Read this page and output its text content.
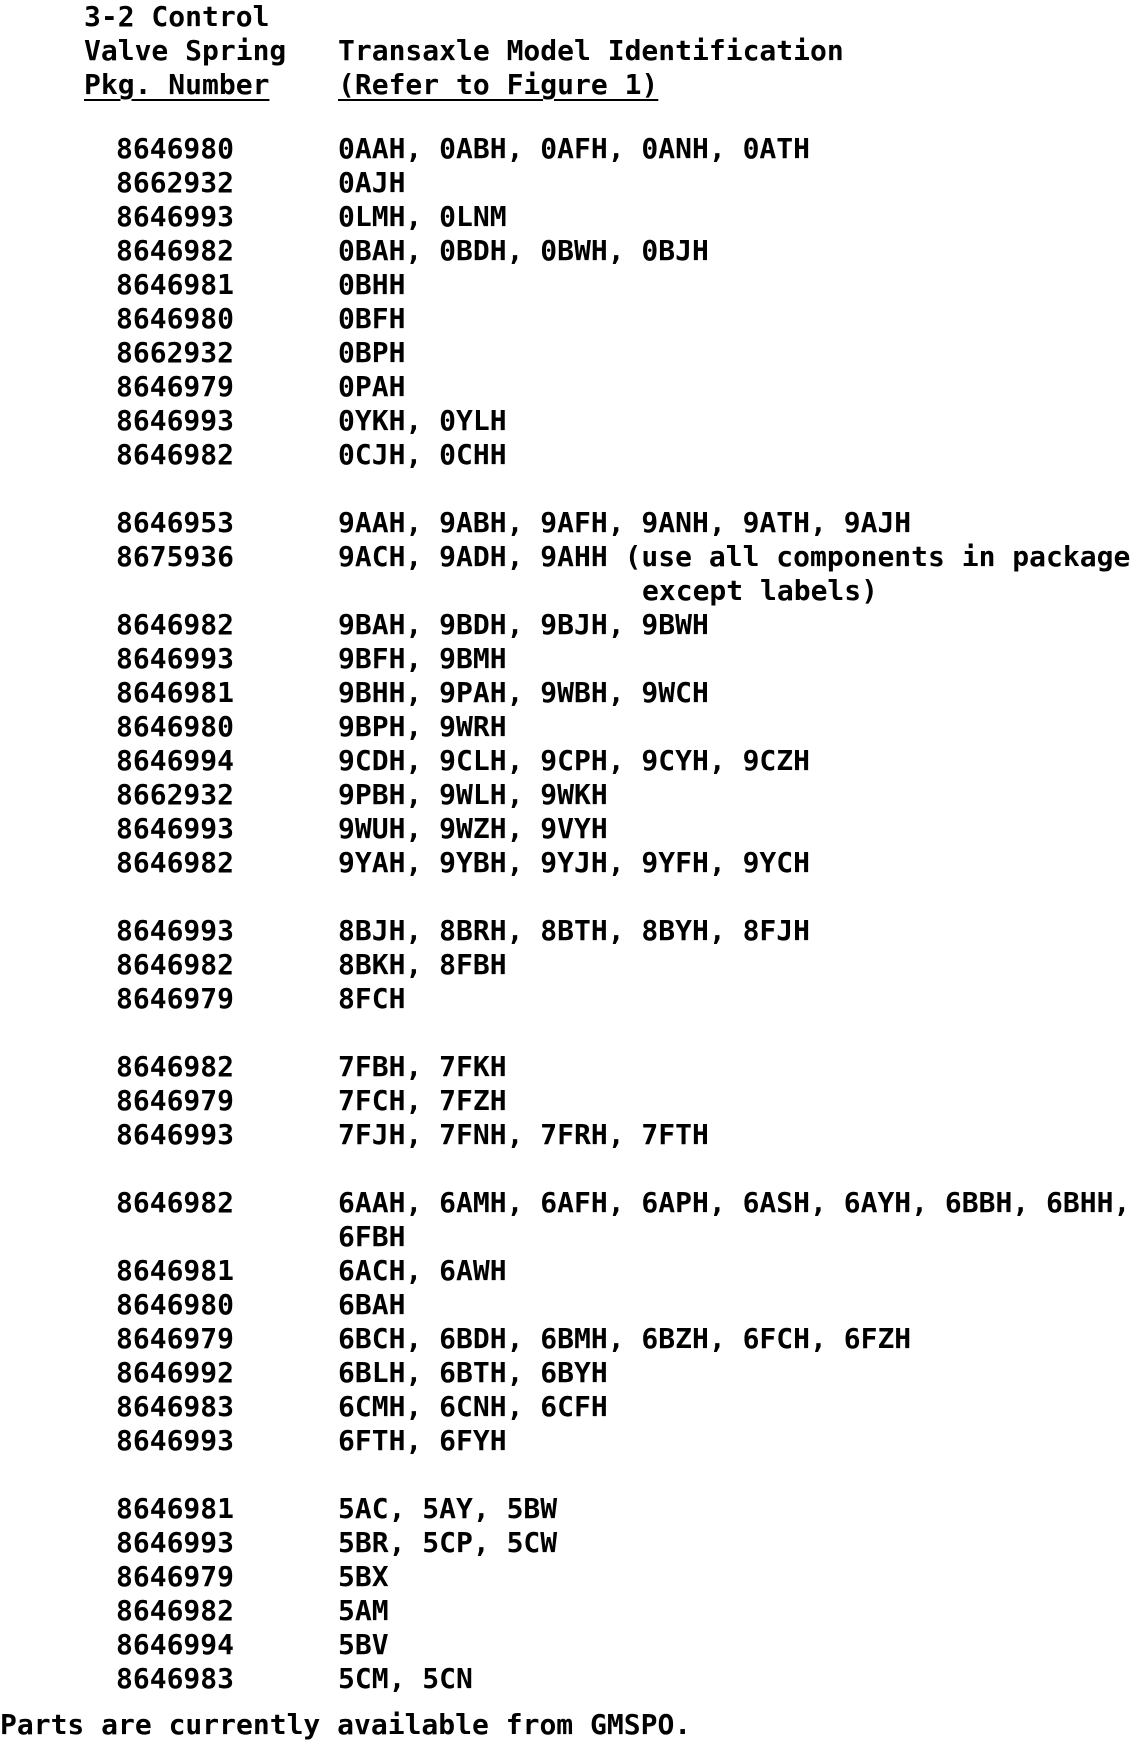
3-2 Control
Valve Spring
Pkg. Number
Transaxle Model Identification
(Refer to Figure 1)
8646980	0AAH, 0ABH, 0AFH, 0ANH, 0ATH
8662932	0AJH
8646993	0LMH, 0LNM
8646982	0BAH, 0BDH, 0BWH, 0BJH
8646981	0BHH
8646980	0BFH
8662932	0BPH
8646979	0PAH
8646993	0YKH, 0YLH
8646982	0CJH, 0CHH
8646953	9AAH, 9ABH, 9AFH, 9ANH, 9ATH, 9AJH
8675936	9ACH, 9ADH, 9AHH (use all components in package
except labels)
8646982	9BAH, 9BDH, 9BJH, 9BWH
8646993	9BFH, 9BMH
8646981	9BHH, 9PAH, 9WBH, 9WCH
8646980	9BPH, 9WRH
8646994	9CDH, 9CLH, 9CPH, 9CYH, 9CZH
8662932	9PBH, 9WLH, 9WKH
8646993	9WUH, 9WZH, 9VYH
8646982	9YAH, 9YBH, 9YJH, 9YFH, 9YCH
8646993	8BJH, 8BRH, 8BTH, 8BYH, 8FJH
8646982	8BKH, 8FBH
8646979	8FCH
8646982	7FBH, 7FKH
8646979	7FCH, 7FZH
8646993	7FJH, 7FNH, 7FRH, 7FTH
8646982	6AAH, 6AMH, 6AFH, 6APH, 6ASH, 6AYH, 6BBH, 6BHH,
6FBH
8646981	6ACH, 6AWH
8646980	6BAH
8646979	6BCH, 6BDH, 6BMH, 6BZH, 6FCH, 6FZH
8646992	6BLH, 6BTH, 6BYH
8646983	6CMH, 6CNH, 6CFH
8646993	6FTH, 6FYH
8646981	5AC, 5AY, 5BW
8646993	5BR, 5CP, 5CW
8646979	5BX
8646982	5AM
8646994	5BV
8646983	5CM, 5CN
Parts are currently available from GMSPO.
